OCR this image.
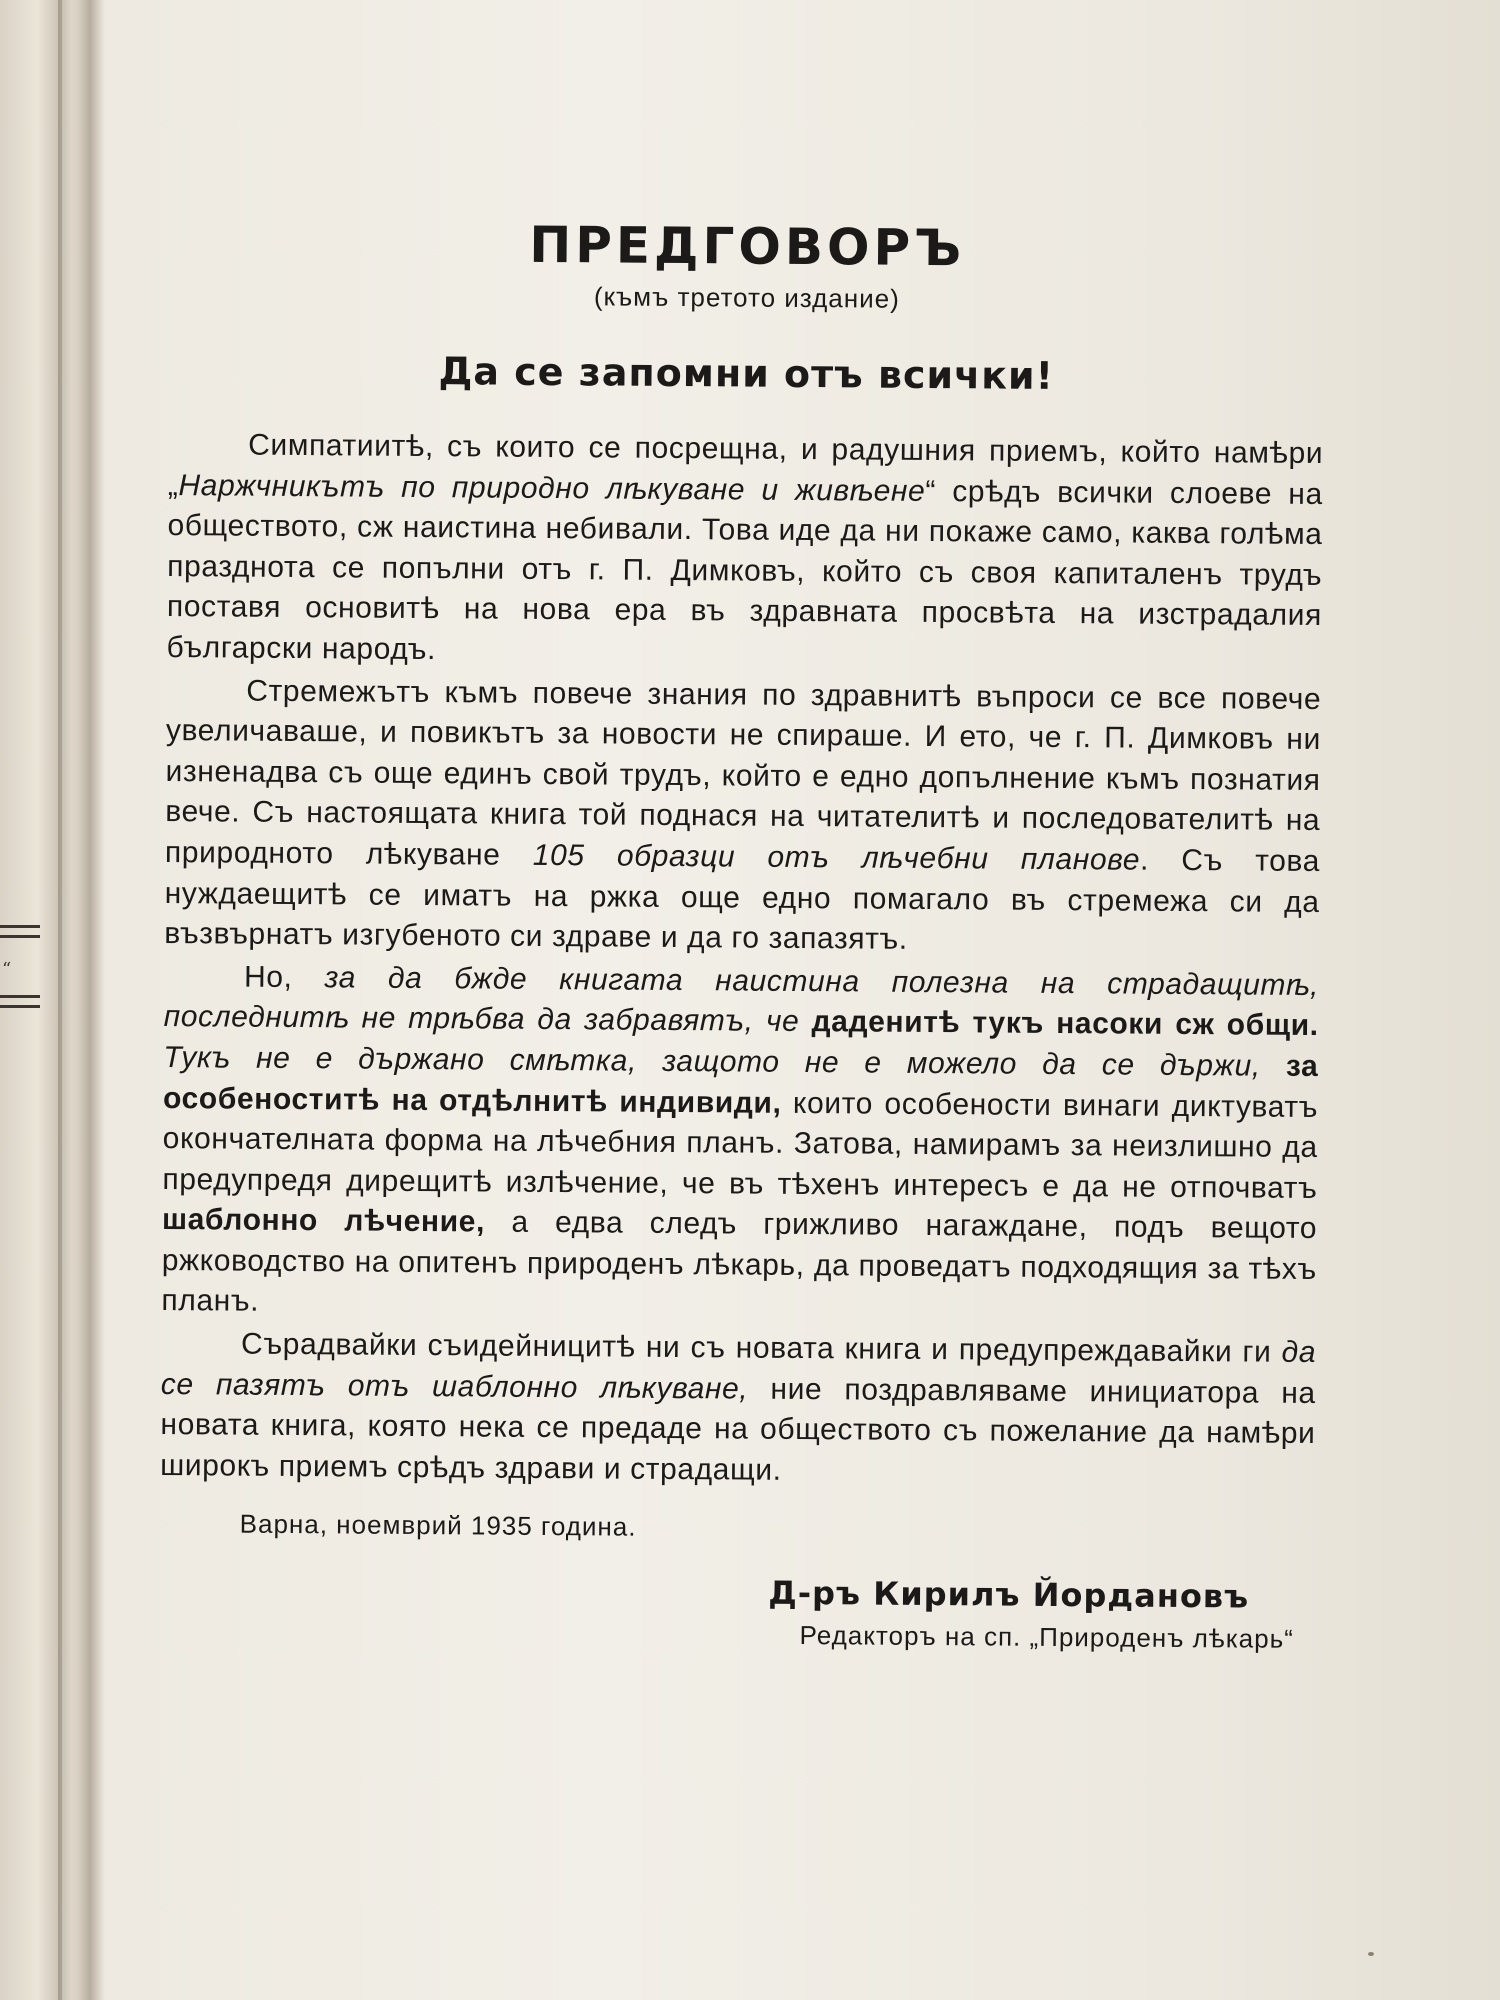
“
ПРЕДГОВОРЪ
(къмъ третото издание)
Да се запомни отъ всички!

Симпатиитѣ, съ които се посрещна, и радушния приемъ, който намѣри „Наржчникътъ по природно лѣкуване и живѣене“ срѣдъ всички слоеве на обществото, сж наистина небивали. Това иде да ни покаже само, каква голѣма празднота се попълни отъ г. П. Димковъ, който съ своя капиталенъ трудъ поставя основитѣ на нова ера въ здравната просвѣта на изстрадалия български народъ.

Стремежътъ къмъ повече знания по здравнитѣ въпроси се все повече увеличаваше, и повикътъ за новости не спираше. И ето, че г. П. Димковъ ни изненадва съ още единъ свой трудъ, който е едно допълнение къмъ познатия вече. Съ настоящата книга той поднася на читателитѣ и последователитѣ на природното лѣкуване 105 образци отъ лѣчебни планове. Съ това нуждаещитѣ се иматъ на ржка още едно помагало въ стремежа си да възвърнатъ изгубеното си здраве и да го запазятъ.

Но, за да бжде книгата наистина полезна на страдащитѣ, последнитѣ не трѣбва да забравятъ, че даденитѣ тукъ насоки сж общи. Тукъ не е държано смѣтка, защото не е можело да се държи, за особеноститѣ на отдѣлнитѣ индивиди, които особености винаги диктуватъ окончателната форма на лѣчебния планъ. Затова, намирамъ за неизлишно да предупредя дирещитѣ излѣчение, че въ тѣхенъ интересъ е да не отпочватъ шаблонно лѣчение, а едва следъ грижливо нагаждане, подъ вещото ржководство на опитенъ природенъ лѣкарь, да проведатъ подходящия за тѣхъ планъ.

Сърадвайки съидейницитѣ ни съ новата книга и предупреждавайки ги да се пазятъ отъ шаблонно лѣкуване, ние поздравляваме инициатора на новата книга, която нека се предаде на обществото съ пожелание да намѣри широкъ приемъ срѣдъ здрави и страдащи.

Варна, ноемврий 1935 година.
Д-ръ Кирилъ Йордановъ
Редакторъ на сп. „Природенъ лѣкарь“
